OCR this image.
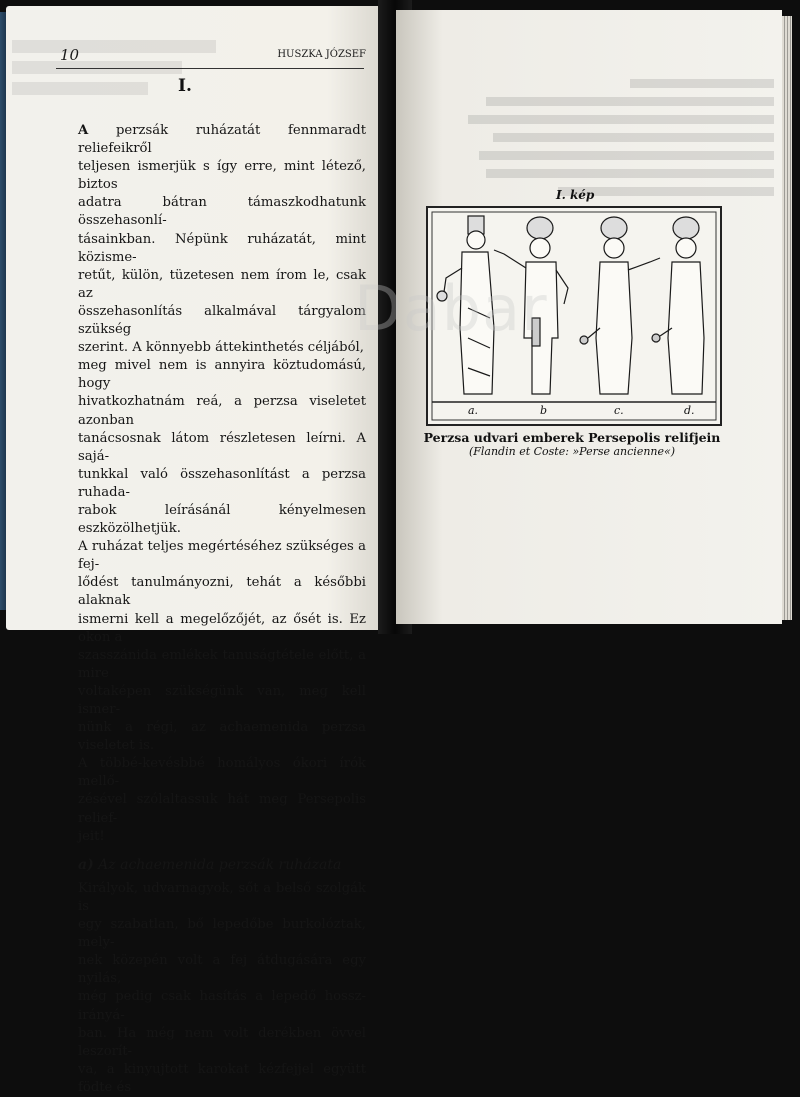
10	HUSZKA JÓZSEF
I.

A perzsák ruházatát fennmaradt reliefeikről

teljesen ismerjük s így erre, mint létező, biztos

adatra bátran támaszkodhatunk összehasonlí-

tásainkban. Népünk ruházatát, mint közisme-

retűt, külön, tüzetesen nem írom le, csak az

összehasonlítás alkalmával tárgyalom szükség

szerint. A könnyebb áttekinthetés céljából,

meg mivel nem is annyira köztudomású, hogy

hivatkozhatnám reá, a perzsa viseletet azonban

tanácsosnak látom részletesen leírni. A sajá-

tunkkal való összehasonlítást a perzsa ruhada-

rabok leírásánál kényelmesen eszközölhetjük.

A ruházat teljes megértéséhez szükséges a fej-

lődést tanulmányozni, tehát a későbbi alaknak

ismerni kell a megelőzőjét, az ősét is. Ez okon a

szasszánida emlékek tanuságtétele előtt, a mire

voltaképen szükségünk van, meg kell ismer-

nünk a régi, az achaemenida perzsa viseletet is.

A többé-kevésbbé homályos ókori írók mellő-

zésével szólaltassuk hát meg Persepolis relief-

jeit!

a) Az achaemenida perzsák ruházata

Királyok, udvarnagyok, sőt a belső szolgák is

egy szabatlan, bő lepedőbe burkolóztak, mely-

nek közepén volt a fej átdugására egy nyilás,

még pedig csak hasítás a lepedő hossz-irányá-

ban. Ha még nem volt derékben övvel leszorít-

va, a kinyujtott karokat kézfejjel együtt födte és

I. kép
a.	b	c.	d.
Perzsa udvari emberek Persepolis relifjein
(Flandin et Coste: »Perse ancienne«)
Dabar
